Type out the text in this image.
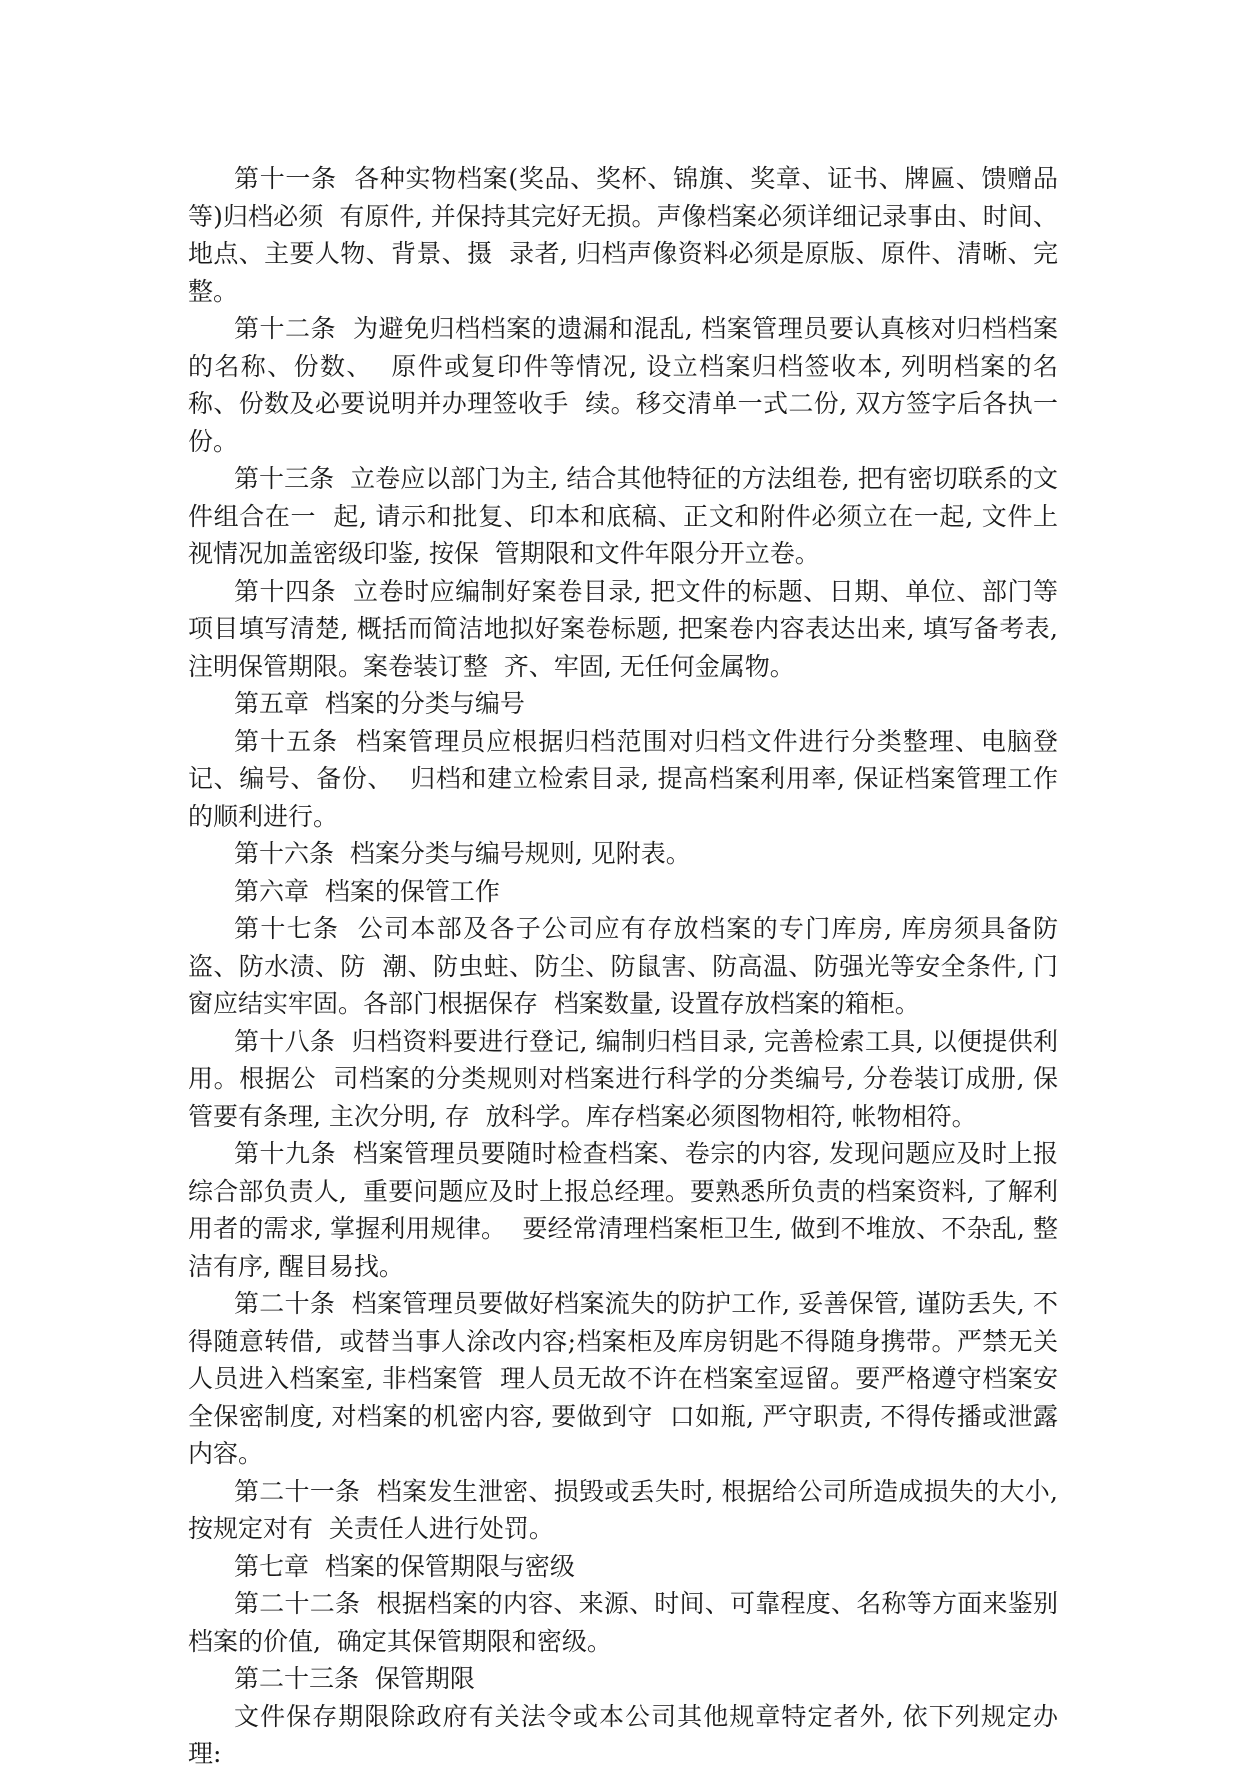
第十一条  各种实物档案(奖品、奖杯、锦旗、奖章、证书、牌匾、馈赠品等)归档必须  有原件, 并保持其完好无损。声像档案必须详细记录事由、时间、  地点、主要人物、背景、摄  录者, 归档声像资料必须是原版、原件、清晰、完整。

第十二条  为避免归档档案的遗漏和混乱, 档案管理员要认真核对归档档案的名称、份数、  原件或复印件等情况, 设立档案归档签收本, 列明档案的名称、份数及必要说明并办理签收手  续。移交清单一式二份, 双方签字后各执一份。

第十三条  立卷应以部门为主, 结合其他特征的方法组卷, 把有密切联系的文件组合在一  起, 请示和批复、印本和底稿、正文和附件必须立在一起, 文件上视情况加盖密级印鉴, 按保  管期限和文件年限分开立卷。

第十四条  立卷时应编制好案卷目录, 把文件的标题、日期、单位、部门等项目填写清楚, 概括而简洁地拟好案卷标题, 把案卷内容表达出来, 填写备考表, 注明保管期限。案卷装订整  齐、牢固, 无任何金属物。

第五章  档案的分类与编号

第十五条  档案管理员应根据归档范围对归档文件进行分类整理、电脑登记、编号、备份、  归档和建立检索目录, 提高档案利用率, 保证档案管理工作的顺利进行。

第十六条  档案分类与编号规则, 见附表。

第六章  档案的保管工作

第十七条  公司本部及各子公司应有存放档案的专门库房, 库房须具备防盗、防水渍、防  潮、防虫蛀、防尘、防鼠害、防高温、防强光等安全条件, 门窗应结实牢固。各部门根据保存  档案数量, 设置存放档案的箱柜。

第十八条  归档资料要进行登记, 编制归档目录, 完善检索工具, 以便提供利用。根据公  司档案的分类规则对档案进行科学的分类编号, 分卷装订成册, 保管要有条理, 主次分明, 存  放科学。库存档案必须图物相符, 帐物相符。

第十九条  档案管理员要随时检查档案、卷宗的内容, 发现问题应及时上报综合部负责人,  重要问题应及时上报总经理。要熟悉所负责的档案资料, 了解利用者的需求, 掌握利用规律。  要经常清理档案柜卫生, 做到不堆放、不杂乱, 整洁有序, 醒目易找。

第二十条  档案管理员要做好档案流失的防护工作, 妥善保管, 谨防丢失, 不得随意转借,  或替当事人涂改内容;档案柜及库房钥匙不得随身携带。严禁无关人员进入档案室, 非档案管  理人员无故不许在档案室逗留。要严格遵守档案安全保密制度, 对档案的机密内容, 要做到守  口如瓶, 严守职责, 不得传播或泄露内容。

第二十一条  档案发生泄密、损毁或丢失时, 根据给公司所造成损失的大小, 按规定对有  关责任人进行处罚。

第七章  档案的保管期限与密级

第二十二条  根据档案的内容、来源、时间、可靠程度、名称等方面来鉴别档案的价值,  确定其保管期限和密级。

第二十三条  保管期限

文件保存期限除政府有关法令或本公司其他规章特定者外, 依下列规定办理:
